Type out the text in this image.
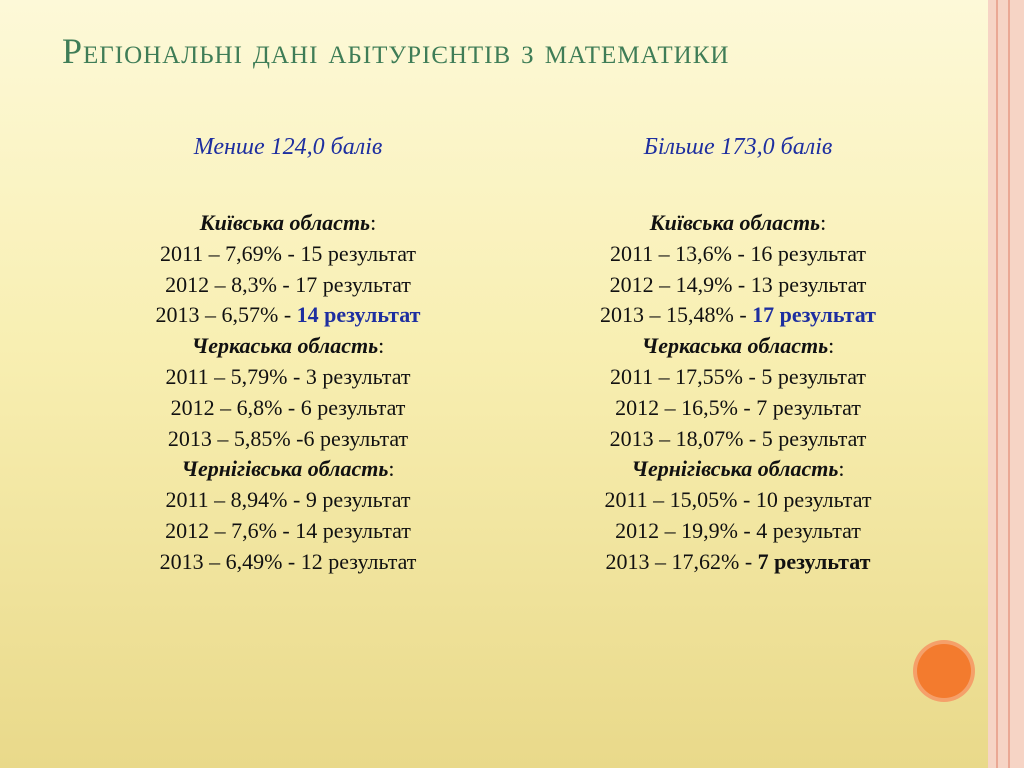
Регіональні дані абітурієнтів з математики
Менше 124,0 балів
Київська область:
2011 – 7,69% - 15 результат
2012 – 8,3% - 17 результат
2013 – 6,57% - 14 результат
Черкаська область:
2011 – 5,79% - 3 результат
2012 – 6,8% - 6 результат
2013 – 5,85% -6 результат
Чернігівська область:
2011 – 8,94% - 9 результат
2012 – 7,6% - 14 результат
2013 – 6,49% - 12 результат
Більше 173,0 балів
Київська область:
2011 – 13,6% - 16 результат
2012 – 14,9% - 13 результат
2013 – 15,48% - 17 результат
Черкаська область:
2011 – 17,55% - 5 результат
2012 – 16,5% - 7 результат
2013 – 18,07% - 5 результат
Чернігівська область:
2011 – 15,05% - 10 результат
2012 – 19,9% - 4 результат
2013 – 17,62% - 7 результат
